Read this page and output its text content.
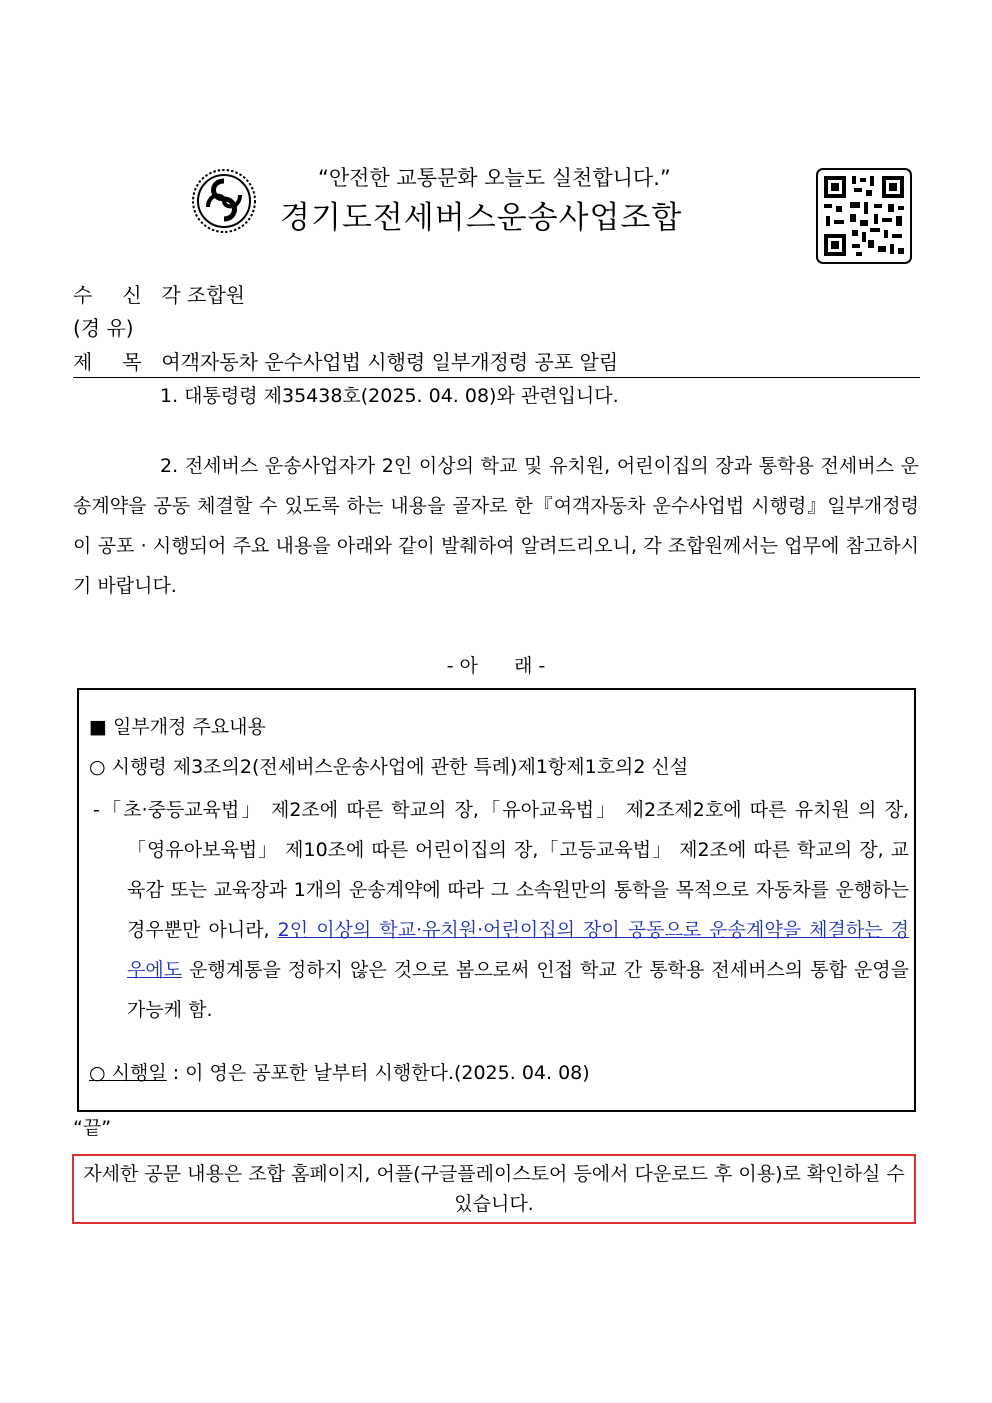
“안전한 교통문화 오늘도 실천합니다.”
경기도전세버스운송사업조합
수 신 각 조합원
(경 유)
제 목 여객자동차 운수사업법 시행령 일부개정령 공포 알림
1. 대통령령 제35438호(2025. 04. 08)와 관련입니다.
2. 전세버스 운송사업자가 2인 이상의 학교 및 유치원, 어린이집의 장과 통학용 전세버스 운송계약을 공동 체결할 수 있도록 하는 내용을 골자로 한『여객자동차 운수사업법 시행령』일부개정령이 공포 · 시행되어 주요 내용을 아래와 같이 발췌하여 알려드리오니, 각 조합원께서는 업무에 참고하시기 바랍니다.
- 아      래 -
■ 일부개정 주요내용
○ 시행령 제3조의2(전세버스운송사업에 관한 특례)제1항제1호의2 신설
-「초·중등교육법」 제2조에 따른 학교의 장,「유아교육법」 제2조제2호에 따른 유치원 의 장,「영유아보육법」 제10조에 따른 어린이집의 장,「고등교육법」 제2조에 따른 학교의 장, 교육감 또는 교육장과 1개의 운송계약에 따라 그 소속원만의 통학을 목적으로 자동차를 운행하는 경우뿐만 아니라, 2인 이상의 학교·유치원·어린이집의 장이 공동으로 운송계약을 체결하는 경우에도 운행계통을 정하지 않은 것으로 봄으로써 인접 학교 간 통학용 전세버스의 통합 운영을 가능케 함.
○ 시행일 : 이 영은 공포한 날부터 시행한다.(2025. 04. 08)
“끝”
자세한 공문 내용은 조합 홈페이지, 어플(구글플레이스토어 등에서 다운로드 후 이용)로 확인하실 수 있습니다.
